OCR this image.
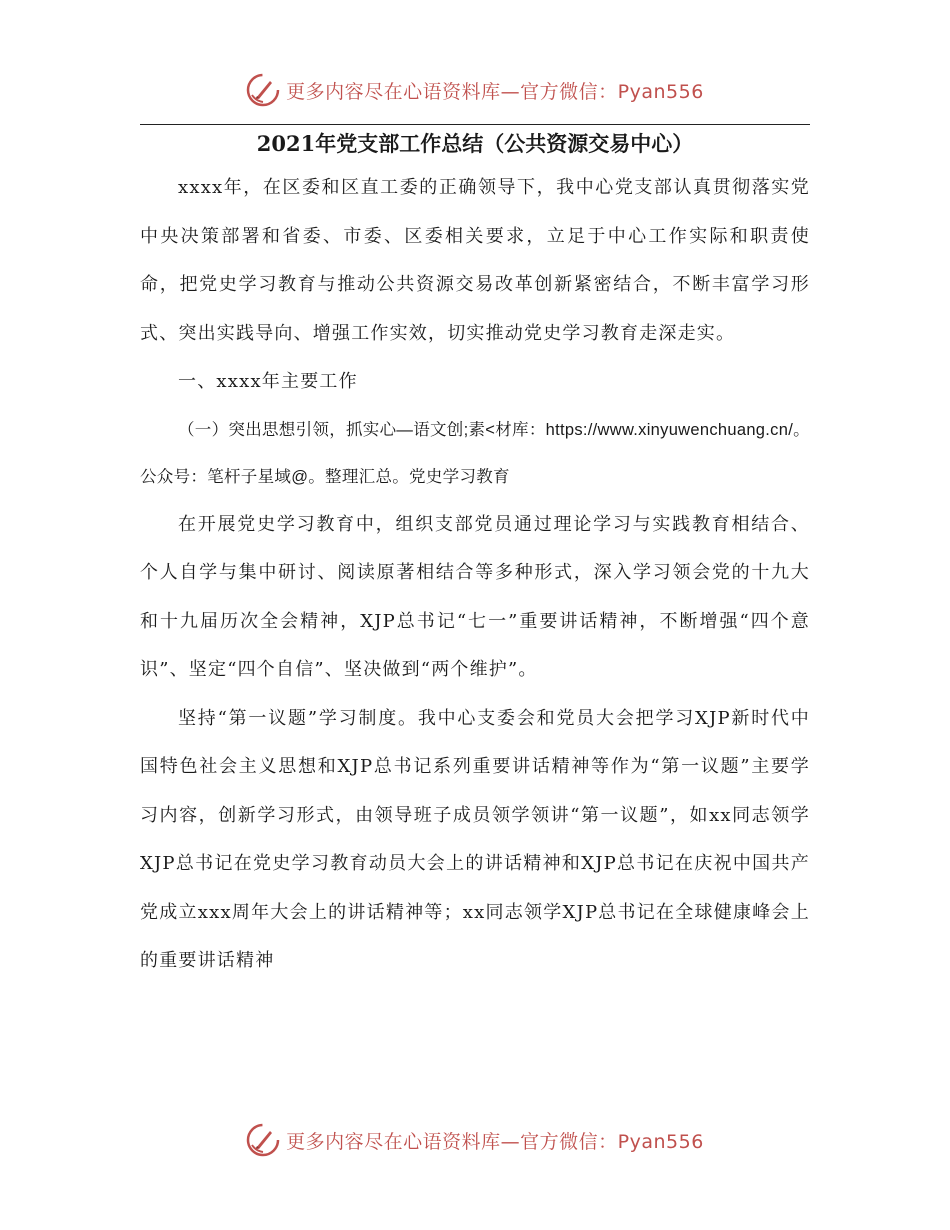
更多内容尽在心语资料库—官方微信：Pyan556
2021年党支部工作总结（公共资源交易中心）

xxxx年，在区委和区直工委的正确领导下，我中心党支部认真贯彻落实党中央决策部署和省委、市委、区委相关要求，立足于中心工作实际和职责使命，把党史学习教育与推动公共资源交易改革创新紧密结合，不断丰富学习形式、突出实践导向、增强工作实效，切实推动党史学习教育走深走实。

一、xxxx年主要工作

（一）突出思想引领，抓实心—语文创;素<材库：https://www.xinyuwenchuang.cn/。公众号：笔杆子星域@。整理汇总。党史学习教育

在开展党史学习教育中，组织支部党员通过理论学习与实践教育相结合、个人自学与集中研讨、阅读原著相结合等多种形式，深入学习领会党的十九大和十九届历次全会精神，XJP总书记“七一”重要讲话精神，不断增强“四个意识”、坚定“四个自信”、坚决做到“两个维护”。

坚持“第一议题”学习制度。我中心支委会和党员大会把学习XJP新时代中国特色社会主义思想和XJP总书记系列重要讲话精神等作为“第一议题”主要学习内容，创新学习形式，由领导班子成员领学领讲“第一议题”，如xx同志领学XJP总书记在党史学习教育动员大会上的讲话精神和XJP总书记在庆祝中国共产党成立xxx周年大会上的讲话精神等；xx同志领学XJP总书记在全球健康峰会上的重要讲话精神

更多内容尽在心语资料库—官方微信：Pyan556
